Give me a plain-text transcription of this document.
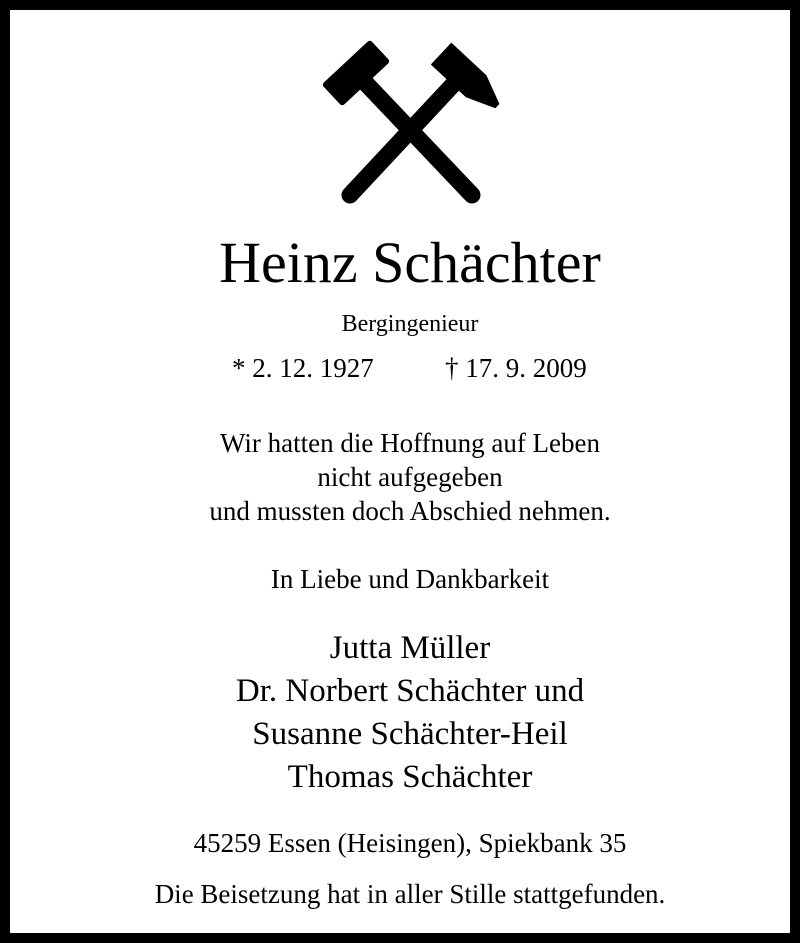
Heinz Schächter
Bergingenieur
* 2. 12. 1927	† 17. 9. 2009
Wir hatten die Hoffnung auf Leben
nicht aufgegeben
und mussten doch Abschied nehmen.
In Liebe und Dankbarkeit
Jutta Müller
Dr. Norbert Schächter und
Susanne Schächter-Heil
Thomas Schächter
45259 Essen (Heisingen), Spiekbank 35
Die Beisetzung hat in aller Stille stattgefunden.
